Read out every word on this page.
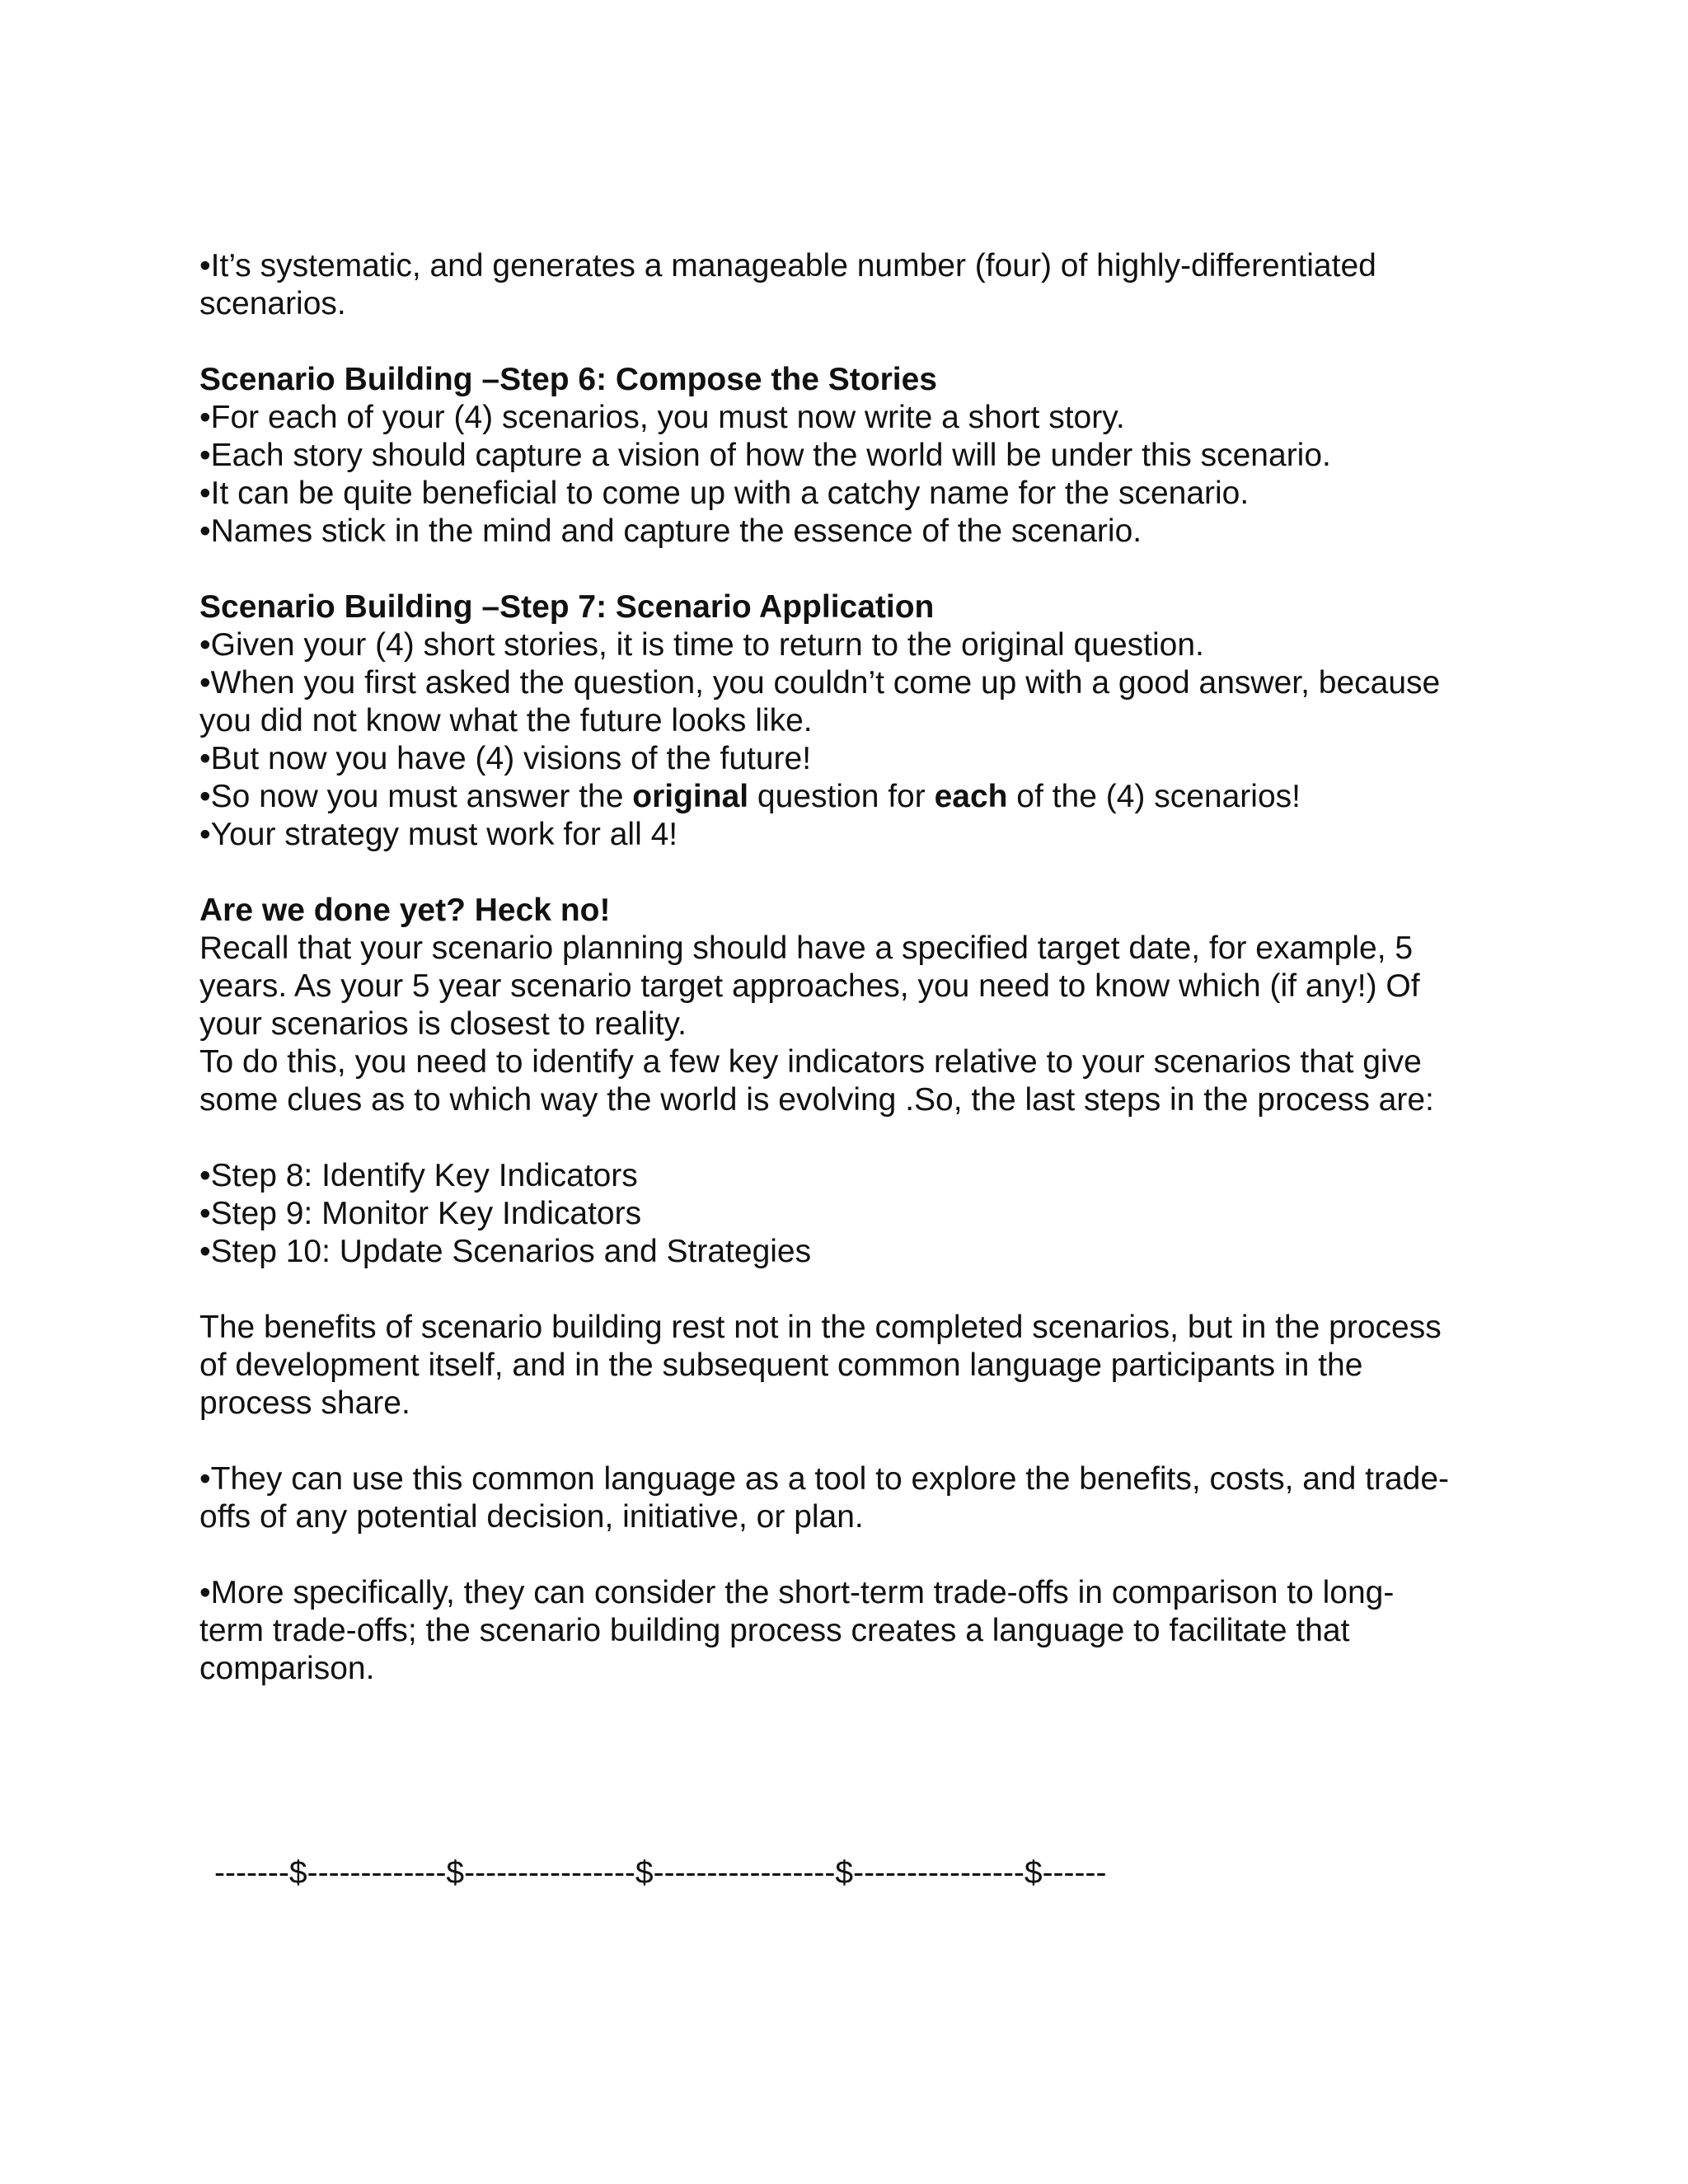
•It’s systematic, and generates a manageable number (four) of highly-differentiated

scenarios.

Scenario Building –Step 6: Compose the Stories

•For each of your (4) scenarios, you must now write a short story.

•Each story should capture a vision of how the world will be under this scenario.

•It can be quite beneficial to come up with a catchy name for the scenario.

•Names stick in the mind and capture the essence of the scenario.

Scenario Building –Step 7: Scenario Application

•Given your (4) short stories, it is time to return to the original question.

•When you first asked the question, you couldn’t come up with a good answer, because

you did not know what the future looks like.

•But now you have (4) visions of the future!

•So now you must answer the original question for each of the (4) scenarios!

•Your strategy must work for all 4!

Are we done yet? Heck no!

Recall that your scenario planning should have a specified target date, for example, 5

years. As your 5 year scenario target approaches, you need to know which (if any!) Of

your scenarios is closest to reality.

To do this, you need to identify a few key indicators relative to your scenarios that give

some clues as to which way the world is evolving .So, the last steps in the process are:

•Step 8: Identify Key Indicators

•Step 9: Monitor Key Indicators

•Step 10: Update Scenarios and Strategies

The benefits of scenario building rest not in the completed scenarios, but in the process

of development itself, and in the subsequent common language participants in the

process share.

•They can use this common language as a tool to explore the benefits, costs, and trade-

offs of any potential decision, initiative, or plan.

•More specifically, they can consider the short-term trade-offs in comparison to long-

term trade-offs; the scenario building process creates a language to facilitate that

comparison.

-------$-------------$----------------$-----------------$----------------$------
